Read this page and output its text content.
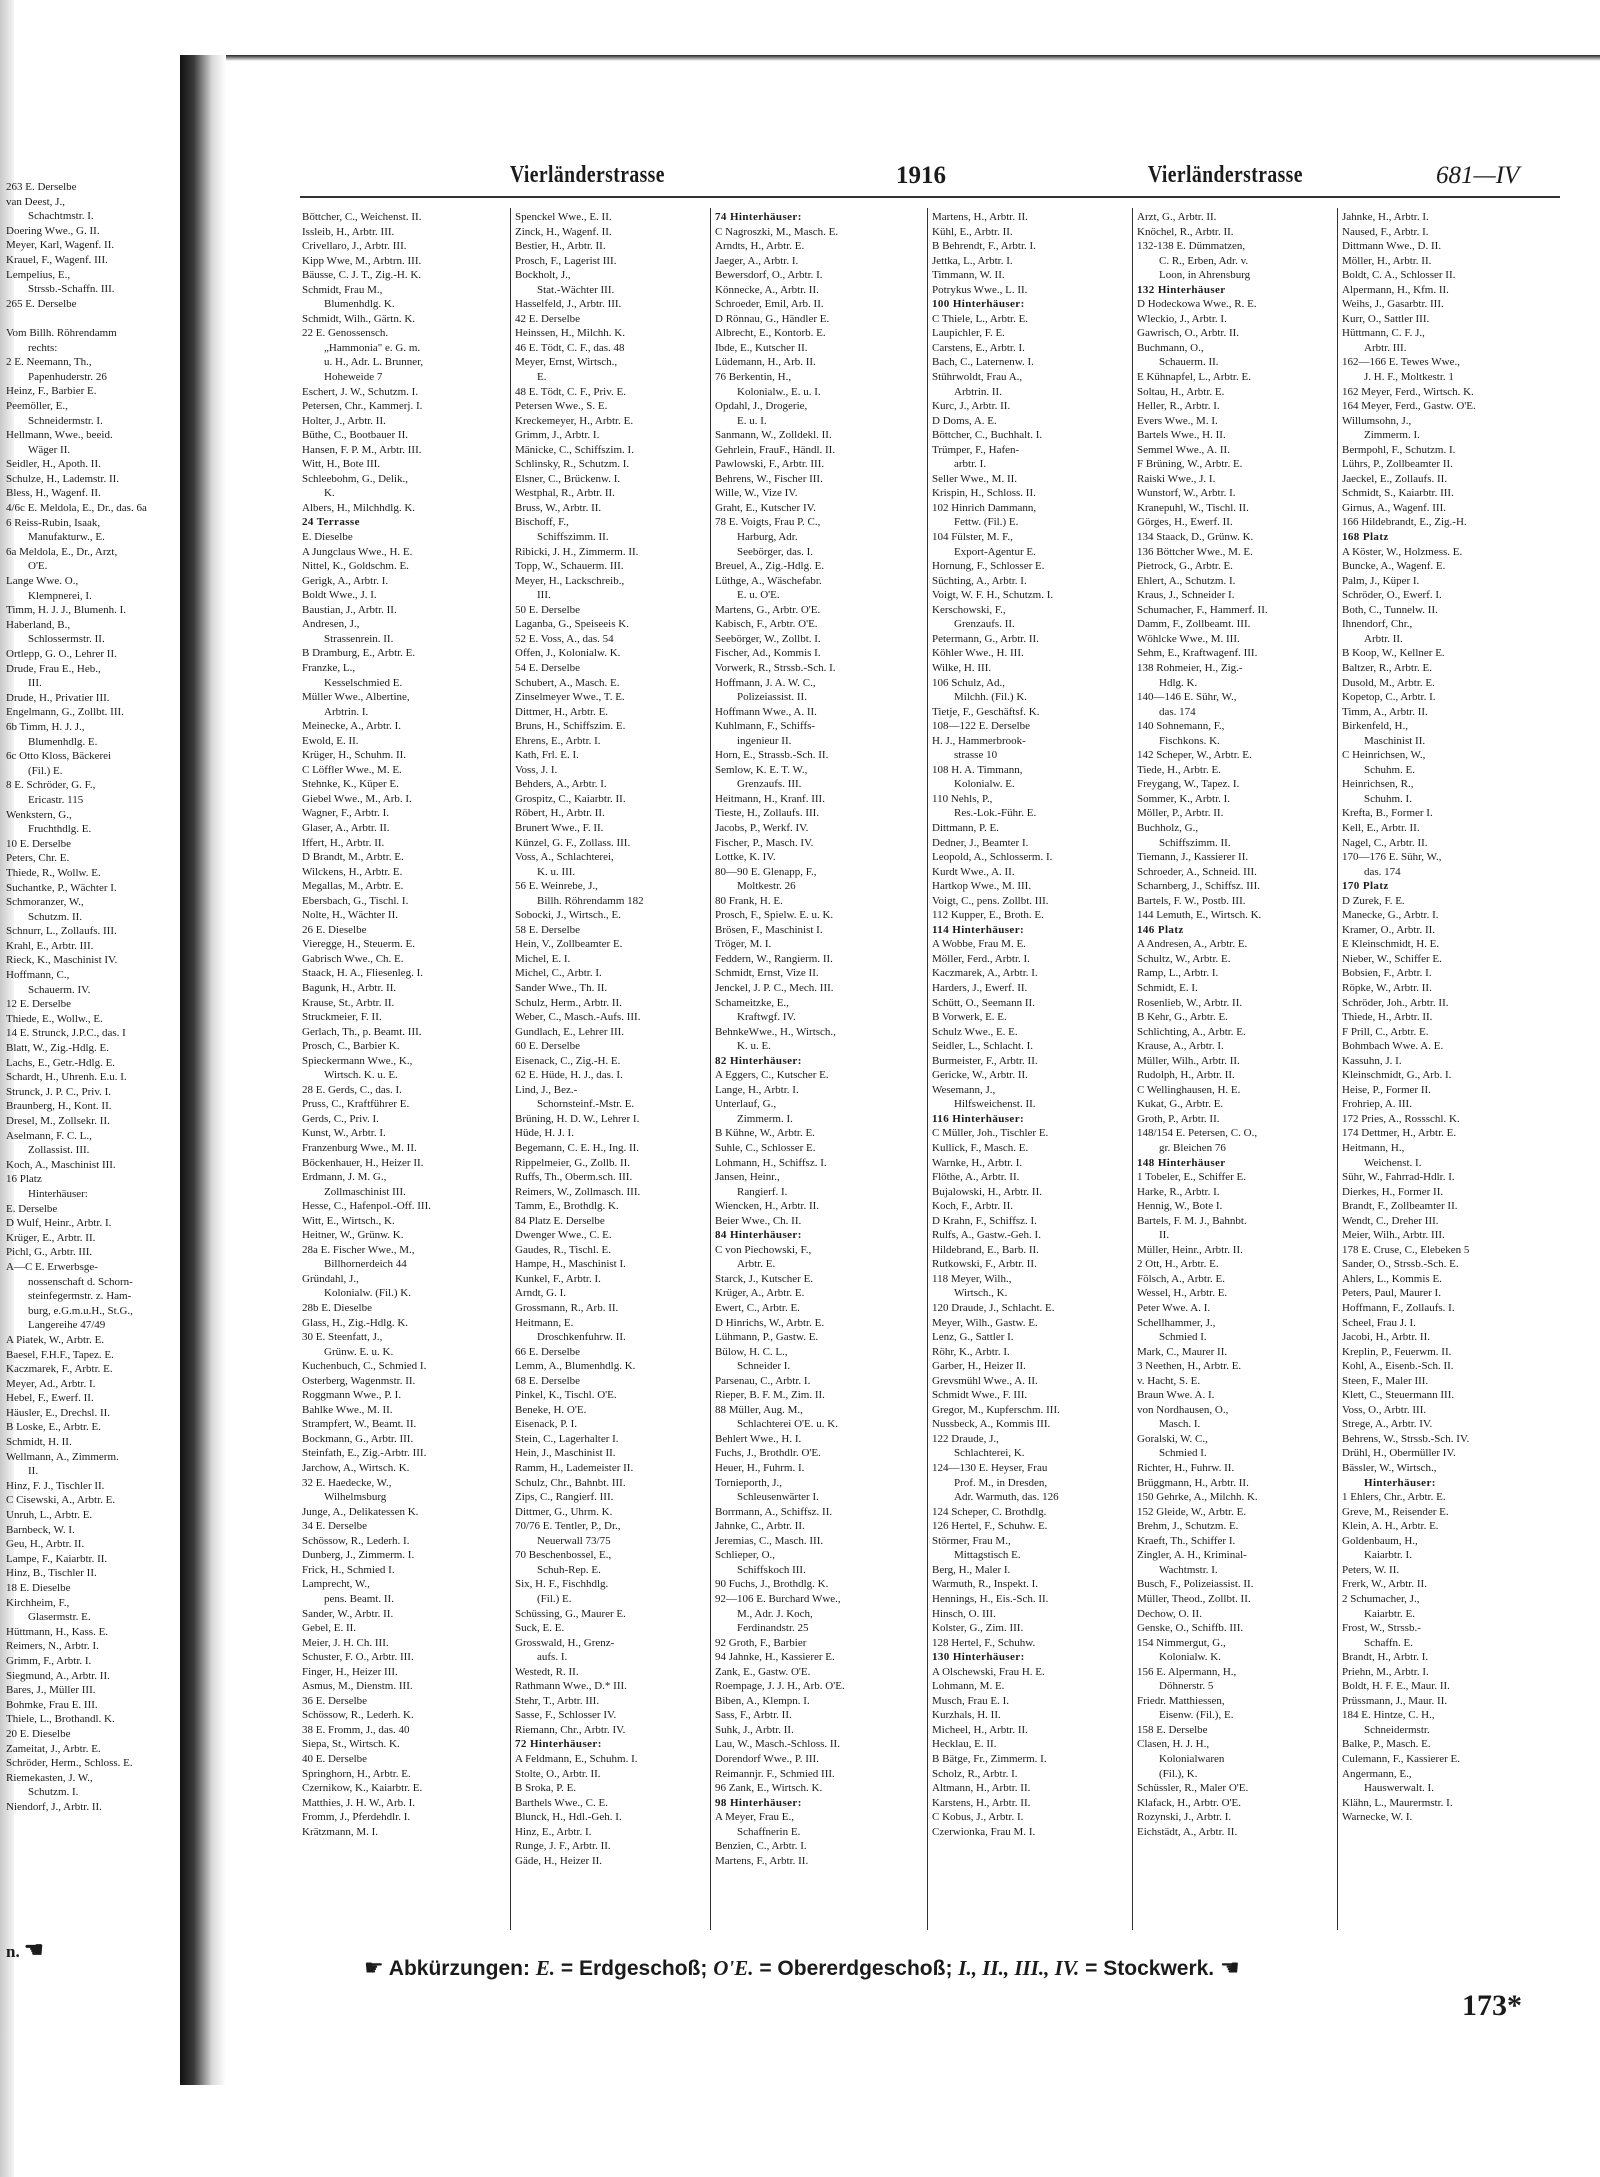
263 E. Derselbe
van Deest, J.,
Schachtmstr. I.
Doering Wwe., G. II.
Meyer, Karl, Wagenf. II.
Krauel, F., Wagenf. III.
Lempelius, E.,
Strssb.-Schaffn. III.
265 E. Derselbe
Vom Billh. Röhrendamm
rechts:
2 E. Neemann, Th.,
Papenhuderstr. 26
Heinz, F., Barbier E.
Peemöller, E.,
Schneidermstr. I.
Hellmann, Wwe., beeid.
Wäger II.
Seidler, H., Apoth. II.
Schulze, H., Lademstr. II.
Bless, H., Wagenf. II.
4/6c E. Meldola, E., Dr., das. 6a
6 Reiss-Rubin, Isaak,
Manufakturw., E.
6a Meldola, E., Dr., Arzt,
O'E.
Lange Wwe. O.,
Klempnerei, I.
Timm, H. J. J., Blumenh. I.
Haberland, B.,
Schlossermstr. II.
Ortlepp, G. O., Lehrer II.
Drude, Frau E., Heb.,
III.
Drude, H., Privatier III.
Engelmann, G., Zollbt. III.
6b Timm, H. J. J.,
Blumenhdlg. E.
6c Otto Kloss, Bäckerei
(Fil.) E.
8 E. Schröder, G. F.,
Ericastr. 115
Wenkstern, G.,
Fruchthdlg. E.
10 E. Derselbe
Peters, Chr. E.
Thiede, R., Wollw. E.
Suchantke, P., Wächter I.
Schmoranzer, W.,
Schutzm. II.
Schnurr, L., Zollaufs. III.
Krahl, E., Arbtr. III.
Rieck, K., Maschinist IV.
Hoffmann, C.,
Schauerm. IV.
12 E. Derselbe
Thiede, E., Wollw., E.
14 E. Strunck, J.P.C., das. I
Blatt, W., Zig.-Hdlg. E.
Lachs, E., Getr.-Hdlg. E.
Schardt, H., Uhrenh. E.u. I.
Strunck, J. P. C., Priv. I.
Braunberg, H., Kont. II.
Dresel, M., Zollsekr. II.
Aselmann, F. C. L.,
Zollassist. III.
Koch, A., Maschinist III.
16 Platz
Hinterhäuser:
E. Derselbe
D Wulf, Heinr., Arbtr. I.
Krüger, E., Arbtr. II.
Pichl, G., Arbtr. III.
A—C E. Erwerbsge-
nossenschaft d. Schorn-
steinfegermstr. z. Ham-
burg, e.G.m.u.H., St.G.,
Langereihe 47/49
A Piatek, W., Arbtr. E.
Baesel, F.H.F., Tapez. E.
Kaczmarek, F., Arbtr. E.
Meyer, Ad., Arbtr. I.
Hebel, F., Ewerf. II.
Häusler, E., Drechsl. II.
B Loske, E., Arbtr. E.
Schmidt, H. II.
Wellmann, A., Zimmerm.
II.
Hinz, F. J., Tischler II.
C Cisewski, A., Arbtr. E.
Unruh, L., Arbtr. E.
Barnbeck, W. I.
Geu, H., Arbtr. II.
Lampe, F., Kaiarbtr. II.
Hinz, B., Tischler II.
18 E. Dieselbe
Kirchheim, F.,
Glasermstr. E.
Hüttmann, H., Kass. E.
Reimers, N., Arbtr. I.
Grimm, F., Arbtr. I.
Siegmund, A., Arbtr. II.
Bares, J., Müller III.
Bohmke, Frau E. III.
Thiele, L., Brothandl. K.
20 E. Dieselbe
Zameitat, J., Arbtr. E.
Schröder, Herm., Schloss. E.
Riemekasten, J. W.,
Schutzm. I.
Niendorf, J., Arbtr. II.
n. ☚
Vierländerstrasse	1916	Vierländerstrasse	681—IV
Böttcher, C., Weichenst. II.
Issleib, H., Arbtr. III.
Crivellaro, J., Arbtr. III.
Kipp Wwe, M., Arbtrn. III.
Bäusse, C. J. T., Zig.-H. K.
Schmidt, Frau M.,
Blumenhdlg. K.
Schmidt, Wilh., Gärtn. K.
22 E. Genossensch.
„Hammonia" e. G. m.
u. H., Adr. L. Brunner,
Hoheweide 7
Eschert, J. W., Schutzm. I.
Petersen, Chr., Kammerj. I.
Holter, J., Arbtr. II.
Büthe, C., Bootbauer II.
Hansen, F. P. M., Arbtr. III.
Witt, H., Bote III.
Schleebohm, G., Delik.,
K.
Albers, H., Milchhdlg. K.
24 Terrasse
E. Dieselbe
A Jungclaus Wwe., H. E.
Nittel, K., Goldschm. E.
Gerigk, A., Arbtr. I.
Boldt Wwe., J. I.
Baustian, J., Arbtr. II.
Andresen, J.,
Strassenrein. II.
B Dramburg, E., Arbtr. E.
Franzke, L.,
Kesselschmied E.
Müller Wwe., Albertine,
Arbtrin. I.
Meinecke, A., Arbtr. I.
Ewold, E. II.
Krüger, H., Schuhm. II.
C Löffler Wwe., M. E.
Stehnke, K., Küper E.
Giebel Wwe., M., Arb. I.
Wagner, F., Arbtr. I.
Glaser, A., Arbtr. II.
Iffert, H., Arbtr. II.
D Brandt, M., Arbtr. E.
Wilckens, H., Arbtr. E.
Megallas, M., Arbtr. E.
Ebersbach, G., Tischl. I.
Nolte, H., Wächter II.
26 E. Dieselbe
Vieregge, H., Steuerm. E.
Gabrisch Wwe., Ch. E.
Staack, H. A., Fliesenleg. I.
Bagunk, H., Arbtr. II.
Krause, St., Arbtr. II.
Struckmeier, F. II.
Gerlach, Th., p. Beamt. III.
Prosch, C., Barbier K.
Spieckermann Wwe., K.,
Wirtsch. K. u. E.
28 E. Gerds, C., das. I.
Pruss, C., Kraftführer E.
Gerds, C., Priv. I.
Kunst, W., Arbtr. I.
Franzenburg Wwe., M. II.
Böckenhauer, H., Heizer II.
Erdmann, J. M. G.,
Zollmaschinist III.
Hesse, C., Hafenpol.-Off. III.
Witt, E., Wirtsch., K.
Heitner, W., Grünw. K.
28a E. Fischer Wwe., M.,
Billhornerdeich 44
Gründahl, J.,
Kolonialw. (Fil.) K.
28b E. Dieselbe
Glass, H., Zig.-Hdlg. K.
30 E. Steenfatt, J.,
Grünw. E. u. K.
Kuchenbuch, C., Schmied I.
Osterberg, Wagenmstr. II.
Roggmann Wwe., P. I.
Bahlke Wwe., M. II.
Strampfert, W., Beamt. II.
Bockmann, G., Arbtr. III.
Steinfath, E., Zig.-Arbtr. III.
Jarchow, A., Wirtsch. K.
32 E. Haedecke, W.,
Wilhelmsburg
Junge, A., Delikatessen K.
34 E. Derselbe
Schössow, R., Lederh. I.
Dunberg, J., Zimmerm. I.
Frick, H., Schmied I.
Lamprecht, W.,
pens. Beamt. II.
Sander, W., Arbtr. II.
Gebel, E. II.
Meier, J. H. Ch. III.
Schuster, F. O., Arbtr. III.
Finger, H., Heizer III.
Asmus, M., Dienstm. III.
36 E. Derselbe
Schössow, R., Lederh. K.
38 E. Fromm, J., das. 40
Siepa, St., Wirtsch. K.
40 E. Derselbe
Springhorn, H., Arbtr. E.
Czernikow, K., Kaiarbtr. E.
Matthies, J. H. W., Arb. I.
Fromm, J., Pferdehdlr. I.
Krätzmann, M. I.
Spenckel Wwe., E. II.
Zinck, H., Wagenf. II.
Bestier, H., Arbtr. II.
Prosch, F., Lagerist III.
Bockholt, J.,
Stat.-Wächter III.
Hasselfeld, J., Arbtr. III.
42 E. Derselbe
Heinssen, H., Milchh. K.
46 E. Tödt, C. F., das. 48
Meyer, Ernst, Wirtsch.,
E.
48 E. Tödt, C. F., Priv. E.
Petersen Wwe., S. E.
Kreckemeyer, H., Arbtr. E.
Grimm, J., Arbtr. I.
Mänicke, C., Schiffszim. I.
Schlinsky, R., Schutzm. I.
Elsner, C., Brückenw. I.
Westphal, R., Arbtr. II.
Bruss, W., Arbtr. II.
Bischoff, F.,
Schiffszimm. II.
Ribicki, J. H., Zimmerm. II.
Topp, W., Schauerm. III.
Meyer, H., Lackschreib.,
III.
50 E. Derselbe
Laganba, G., Speiseeis K.
52 E. Voss, A., das. 54
Offen, J., Kolonialw. K.
54 E. Derselbe
Schubert, A., Masch. E.
Zinselmeyer Wwe., T. E.
Dittmer, H., Arbtr. E.
Bruns, H., Schiffszim. E.
Ehrens, E., Arbtr. I.
Kath, Frl. E. I.
Voss, J. I.
Behders, A., Arbtr. I.
Grospitz, C., Kaiarbtr. II.
Röbert, H., Arbtr. II.
Brunert Wwe., F. II.
Künzel, G. F., Zollass. III.
Voss, A., Schlachterei,
K. u. III.
56 E. Weinrebe, J.,
Billh. Röhrendamm 182
Sobocki, J., Wirtsch., E.
58 E. Derselbe
Hein, V., Zollbeamter E.
Michel, E. I.
Michel, C., Arbtr. I.
Sander Wwe., Th. II.
Schulz, Herm., Arbtr. II.
Weber, C., Masch.-Aufs. III.
Gundlach, E., Lehrer III.
60 E. Derselbe
Eisenack, C., Zig.-H. E.
62 E. Hüde, H. J., das. I.
Lind, J., Bez.-
Schornsteinf.-Mstr. E.
Brüning, H. D. W., Lehrer I.
Hüde, H. J. I.
Begemann, C. E. H., Ing. II.
Rippelmeier, G., Zollb. II.
Ruffs, Th., Oberm.sch. III.
Reimers, W., Zollmasch. III.
Tamm, E., Brothdlg. K.
84 Platz E. Derselbe
Dwenger Wwe., C. E.
Gaudes, R., Tischl. E.
Hampe, H., Maschinist I.
Kunkel, F., Arbtr. I.
Arndt, G. I.
Grossmann, R., Arb. II.
Heitmann, E.
Droschkenfuhrw. II.
66 E. Derselbe
Lemm, A., Blumenhdlg. K.
68 E. Derselbe
Pinkel, K., Tischl. O'E.
Beneke, H. O'E.
Eisenack, P. I.
Stein, C., Lagerhalter I.
Hein, J., Maschinist II.
Ramm, H., Lademeister II.
Schulz, Chr., Bahnbt. III.
Zips, C., Rangierf. III.
Dittmer, G., Uhrm. K.
70/76 E. Tentler, P., Dr.,
Neuerwall 73/75
70 Beschenbossel, E.,
Schuh-Rep. E.
Six, H. F., Fischhdlg.
(Fil.) E.
Schüssing, G., Maurer E.
Suck, E. E.
Grosswald, H., Grenz-
aufs. I.
Westedt, R. II.
Rathmann Wwe., D.* III.
Stehr, T., Arbtr. III.
Sasse, F., Schlosser IV.
Riemann, Chr., Arbtr. IV.
72 Hinterhäuser:
A Feldmann, E., Schuhm. I.
Stolte, O., Arbtr. II.
B Sroka, P. E.
Barthels Wwe., C. E.
Blunck, H., Hdl.-Geh. I.
Hinz, E., Arbtr. I.
Runge, J. F., Arbtr. II.
Gäde, H., Heizer II.
74 Hinterhäuser:
C Nagroszki, M., Masch. E.
Arndts, H., Arbtr. E.
Jaeger, A., Arbtr. I.
Bewersdorf, O., Arbtr. I.
Könnecke, A., Arbtr. II.
Schroeder, Emil, Arb. II.
D Rönnau, G., Händler E.
Albrecht, E., Kontorb. E.
Ibde, E., Kutscher II.
Lüdemann, H., Arb. II.
76 Berkentin, H.,
Kolonialw., E. u. I.
Opdahl, J., Drogerie,
E. u. I.
Sanmann, W., Zolldekl. II.
Gehrlein, FrauF., Händl. II.
Pawlowski, F., Arbtr. III.
Behrens, W., Fischer III.
Wille, W., Vize IV.
Graht, E., Kutscher IV.
78 E. Voigts, Frau P. C.,
Harburg, Adr.
Seebörger, das. I.
Breuel, A., Zig.-Hdlg. E.
Lüthge, A., Wäschefabr.
E. u. O'E.
Martens, G., Arbtr. O'E.
Kabisch, F., Arbtr. O'E.
Seebörger, W., Zollbt. I.
Fischer, Ad., Kommis I.
Vorwerk, R., Strssb.-Sch. I.
Hoffmann, J. A. W. C.,
Polizeiassist. II.
Hoffmann Wwe., A. II.
Kuhlmann, F., Schiffs-
ingenieur II.
Horn, E., Strassb.-Sch. II.
Semlow, K. E. T. W.,
Grenzaufs. III.
Heitmann, H., Kranf. III.
Tieste, H., Zollaufs. III.
Jacobs, P., Werkf. IV.
Fischer, P., Masch. IV.
Lottke, K. IV.
80—90 E. Glenapp, F.,
Moltkestr. 26
80 Frank, H. E.
Prosch, F., Spielw. E. u. K.
Brösen, F., Maschinist I.
Tröger, M. I.
Feddern, W., Rangierm. II.
Schmidt, Ernst, Vize II.
Jenckel, J. P. C., Mech. III.
Schameitzke, E.,
Kraftwgf. IV.
BehnkeWwe., H., Wirtsch.,
K. u. E.
82 Hinterhäuser:
A Eggers, C., Kutscher E.
Lange, H., Arbtr. I.
Unterlauf, G.,
Zimmerm. I.
B Kühne, W., Arbtr. E.
Suhle, C., Schlosser E.
Lohmann, H., Schiffsz. I.
Jansen, Heinr.,
Rangierf. I.
Wiencken, H., Arbtr. II.
Beier Wwe., Ch. II.
84 Hinterhäuser:
C von Piechowski, F.,
Arbtr. E.
Starck, J., Kutscher E.
Krüger, A., Arbtr. E.
Ewert, C., Arbtr. E.
D Hinrichs, W., Arbtr. E.
Lühmann, P., Gastw. E.
Bülow, H. C. L.,
Schneider I.
Parsenau, C., Arbtr. I.
Rieper, B. F. M., Zim. II.
88 Müller, Aug. M.,
Schlachterei O'E. u. K.
Behlert Wwe., H. I.
Fuchs, J., Brothdlr. O'E.
Heuer, H., Fuhrm. I.
Tornieporth, J.,
Schleusenwärter I.
Borrmann, A., Schiffsz. II.
Jahnke, C., Arbtr. II.
Jeremias, C., Masch. III.
Schlieper, O.,
Schiffskoch III.
90 Fuchs, J., Brothdlg. K.
92—106 E. Burchard Wwe.,
M., Adr. J. Koch,
Ferdinandstr. 25
92 Groth, F., Barbier
94 Jahnke, H., Kassierer E.
Zank, E., Gastw. O'E.
Roempage, J. J. H., Arb. O'E.
Biben, A., Klempn. I.
Sass, F., Arbtr. II.
Suhk, J., Arbtr. II.
Lau, W., Masch.-Schloss. II.
Dorendorf Wwe., P. III.
Reimannjr. F., Schmied III.
96 Zank, E., Wirtsch. K.
98 Hinterhäuser:
A Meyer, Frau E.,
Schaffnerin E.
Benzien, C., Arbtr. I.
Martens, F., Arbtr. II.
Martens, H., Arbtr. II.
Kühl, E., Arbtr. II.
B Behrendt, F., Arbtr. I.
Jettka, L., Arbtr. I.
Timmann, W. II.
Potrykus Wwe., L. II.
100 Hinterhäuser:
C Thiele, L., Arbtr. E.
Laupichler, F. E.
Carstens, E., Arbtr. I.
Bach, C., Laternenw. I.
Stührwoldt, Frau A.,
Arbtrin. II.
Kurc, J., Arbtr. II.
D Doms, A. E.
Böttcher, C., Buchhalt. I.
Trümper, F., Hafen-
arbtr. I.
Seller Wwe., M. II.
Krispin, H., Schloss. II.
102 Hinrich Dammann,
Fettw. (Fil.) E.
104 Fülster, M. F.,
Export-Agentur E.
Hornung, F., Schlosser E.
Süchting, A., Arbtr. I.
Voigt, W. F. H., Schutzm. I.
Kerschowski, F.,
Grenzaufs. II.
Petermann, G., Arbtr. II.
Köhler Wwe., H. III.
Wilke, H. III.
106 Schulz, Ad.,
Milchh. (Fil.) K.
Tietje, F., Geschäftsf. K.
108—122 E. Derselbe
H. J., Hammerbrook-
strasse 10
108 H. A. Timmann,
Kolonialw. E.
110 Nehls, P.,
Res.-Lok.-Führ. E.
Dittmann, P. E.
Dedner, J., Beamter I.
Leopold, A., Schlosserm. I.
Kurdt Wwe., A. II.
Hartkop Wwe., M. III.
Voigt, C., pens. Zollbt. III.
112 Kupper, E., Broth. E.
114 Hinterhäuser:
A Wobbe, Frau M. E.
Möller, Ferd., Arbtr. I.
Kaczmarek, A., Arbtr. I.
Harders, J., Ewerf. II.
Schütt, O., Seemann II.
B Vorwerk, E. E.
Schulz Wwe., E. E.
Seidler, L., Schlacht. I.
Burmeister, F., Arbtr. II.
Gericke, W., Arbtr. II.
Wesemann, J.,
Hilfsweichenst. II.
116 Hinterhäuser:
C Müller, Joh., Tischler E.
Kullick, F., Masch. E.
Warnke, H., Arbtr. I.
Flöthe, A., Arbtr. II.
Bujalowski, H., Arbtr. II.
Koch, F., Arbtr. II.
D Krahn, F., Schiffsz. I.
Rulfs, A., Gastw.-Geh. I.
Hildebrand, E., Barb. II.
Rutkowski, F., Arbtr. II.
118 Meyer, Wilh.,
Wirtsch., K.
120 Draude, J., Schlacht. E.
Meyer, Wilh., Gastw. E.
Lenz, G., Sattler I.
Röhr, K., Arbtr. I.
Garber, H., Heizer II.
Grevsmühl Wwe., A. II.
Schmidt Wwe., F. III.
Gregor, M., Kupferschm. III.
Nussbeck, A., Kommis III.
122 Draude, J.,
Schlachterei, K.
124—130 E. Heyser, Frau
Prof. M., in Dresden,
Adr. Warmuth, das. 126
124 Scheper, C. Brothdlg.
126 Hertel, F., Schuhw. E.
Störmer, Frau M.,
Mittagstisch E.
Berg, H., Maler I.
Warmuth, R., Inspekt. I.
Hennings, H., Eis.-Sch. II.
Hinsch, O. III.
Kolster, G., Zim. III.
128 Hertel, F., Schuhw.
130 Hinterhäuser:
A Olschewski, Frau H. E.
Lohmann, M. E.
Musch, Frau E. I.
Kurzhals, H. II.
Micheel, H., Arbtr. II.
Hecklau, E. II.
B Bätge, Fr., Zimmerm. I.
Scholz, R., Arbtr. I.
Altmann, H., Arbtr. II.
Karstens, H., Arbtr. II.
C Kobus, J., Arbtr. I.
Czerwionka, Frau M. I.
Arzt, G., Arbtr. II.
Knöchel, R., Arbtr. II.
132-138 E. Dümmatzen,
C. R., Erben, Adr. v.
Loon, in Ahrensburg
132 Hinterhäuser
D Hodeckowa Wwe., R. E.
Wleckio, J., Arbtr. I.
Gawrisch, O., Arbtr. II.
Buchmann, O.,
Schauerm. II.
E Kühnapfel, L., Arbtr. E.
Soltau, H., Arbtr. E.
Heller, R., Arbtr. I.
Evers Wwe., M. I.
Bartels Wwe., H. II.
Semmel Wwe., A. II.
F Brüning, W., Arbtr. E.
Raiski Wwe., J. I.
Wunstorf, W., Arbtr. I.
Kranepuhl, W., Tischl. II.
Görges, H., Ewerf. II.
134 Staack, D., Grünw. K.
136 Böttcher Wwe., M. E.
Pietrock, G., Arbtr. E.
Ehlert, A., Schutzm. I.
Kraus, J., Schneider I.
Schumacher, F., Hammerf. II.
Damm, F., Zollbeamt. III.
Wöhlcke Wwe., M. III.
Sehm, E., Kraftwagenf. III.
138 Rohmeier, H., Zig.-
Hdlg. K.
140—146 E. Sühr, W.,
das. 174
140 Sohnemann, F.,
Fischkons. K.
142 Scheper, W., Arbtr. E.
Tiede, H., Arbtr. E.
Freygang, W., Tapez. I.
Sommer, K., Arbtr. I.
Möller, P., Arbtr. II.
Buchholz, G.,
Schiffszimm. II.
Tiemann, J., Kassierer II.
Schroeder, A., Schneid. III.
Scharnberg, J., Schiffsz. III.
Bartels, F. W., Postb. III.
144 Lemuth, E., Wirtsch. K.
146 Platz
A Andresen, A., Arbtr. E.
Schultz, W., Arbtr. E.
Ramp, L., Arbtr. I.
Schmidt, E. I.
Rosenlieb, W., Arbtr. II.
B Kehr, G., Arbtr. E.
Schlichting, A., Arbtr. E.
Krause, A., Arbtr. I.
Müller, Wilh., Arbtr. II.
Rudolph, H., Arbtr. II.
C Wellinghausen, H. E.
Kukat, G., Arbtr. E.
Groth, P., Arbtr. II.
148/154 E. Petersen, C. O.,
gr. Bleichen 76
148 Hinterhäuser
1 Tobeler, E., Schiffer E.
Harke, R., Arbtr. I.
Hennig, W., Bote I.
Bartels, F. M. J., Bahnbt.
II.
Müller, Heinr., Arbtr. II.
2 Ott, H., Arbtr. E.
Fölsch, A., Arbtr. E.
Wessel, H., Arbtr. E.
Peter Wwe. A. I.
Schellhammer, J.,
Schmied I.
Mark, C., Maurer II.
3 Neethen, H., Arbtr. E.
v. Hacht, S. E.
Braun Wwe. A. I.
von Nordhausen, O.,
Masch. I.
Goralski, W. C.,
Schmied I.
Richter, H., Fuhrw. II.
Brüggmann, H., Arbtr. II.
150 Gehrke, A., Milchh. K.
152 Gleide, W., Arbtr. E.
Brehm, J., Schutzm. E.
Kraeft, Th., Schiffer I.
Zingler, A. H., Kriminal-
Wachtmstr. I.
Busch, F., Polizeiassist. II.
Müller, Theod., Zollbt. II.
Dechow, O. II.
Genske, O., Schiffb. III.
154 Nimmergut, G.,
Kolonialw. K.
156 E. Alpermann, H.,
Döhnerstr. 5
Friedr. Matthiessen,
Eisenw. (Fil.), E.
158 E. Derselbe
Clasen, H. J. H.,
Kolonialwaren
(Fil.), K.
Schüssler, R., Maler O'E.
Klafack, H., Arbtr. O'E.
Rozynski, J., Arbtr. I.
Eichstädt, A., Arbtr. II.
Jahnke, H., Arbtr. I.
Naused, F., Arbtr. I.
Dittmann Wwe., D. II.
Möller, H., Arbtr. II.
Boldt, C. A., Schlosser II.
Alpermann, H., Kfm. II.
Weihs, J., Gasarbtr. III.
Kurr, O., Sattler III.
Hüttmann, C. F. J.,
Arbtr. III.
162—166 E. Tewes Wwe.,
J. H. F., Moltkestr. 1
162 Meyer, Ferd., Wirtsch. K.
164 Meyer, Ferd., Gastw. O'E.
Willumsohn, J.,
Zimmerm. I.
Bermpohl, F., Schutzm. I.
Lührs, P., Zollbeamter II.
Jaeckel, E., Zollaufs. II.
Schmidt, S., Kaiarbtr. III.
Girnus, A., Wagenf. III.
166 Hildebrandt, E., Zig.-H.
168 Platz
A Köster, W., Holzmess. E.
Buncke, A., Wagenf. E.
Palm, J., Küper I.
Schröder, O., Ewerf. I.
Both, C., Tunnelw. II.
Ihnendorf, Chr.,
Arbtr. II.
B Koop, W., Kellner E.
Baltzer, R., Arbtr. E.
Dusold, M., Arbtr. E.
Kopetop, C., Arbtr. I.
Timm, A., Arbtr. II.
Birkenfeld, H.,
Maschinist II.
C Heinrichsen, W.,
Schuhm. E.
Heinrichsen, R.,
Schuhm. I.
Krefta, B., Former I.
Kell, E., Arbtr. II.
Nagel, C., Arbtr. II.
170—176 E. Sühr, W.,
das. 174
170 Platz
D Zurek, F. E.
Manecke, G., Arbtr. I.
Kramer, O., Arbtr. II.
E Kleinschmidt, H. E.
Nieber, W., Schiffer E.
Bobsien, F., Arbtr. I.
Röpke, W., Arbtr. II.
Schröder, Joh., Arbtr. II.
Thiede, H., Arbtr. II.
F Prill, C., Arbtr. E.
Bohmbach Wwe. A. E.
Kassuhn, J. I.
Kleinschmidt, G., Arb. I.
Heise, P., Former II.
Frohriep, A. III.
172 Pries, A., Rossschl. K.
174 Dettmer, H., Arbtr. E.
Heitmann, H.,
Weichenst. I.
Sühr, W., Fahrrad-Hdlr. I.
Dierkes, H., Former II.
Brandt, F., Zollbeamter II.
Wendt, C., Dreher III.
Meier, Wilh., Arbtr. III.
178 E. Cruse, C., Elebeken 5
Sander, O., Strssb.-Sch. E.
Ahlers, L., Kommis E.
Peters, Paul, Maurer I.
Hoffmann, F., Zollaufs. I.
Scheel, Frau J. I.
Jacobi, H., Arbtr. II.
Kreplin, P., Feuerwm. II.
Kohl, A., Eisenb.-Sch. II.
Steen, F., Maler III.
Klett, C., Steuermann III.
Voss, O., Arbtr. III.
Strege, A., Arbtr. IV.
Behrens, W., Strssb.-Sch. IV.
Drühl, H., Obermüller IV.
Bässler, W., Wirtsch.,
Hinterhäuser:
1 Ehlers, Chr., Arbtr. E.
Greve, M., Reisender E.
Klein, A. H., Arbtr. E.
Goldenbaum, H.,
Kaiarbtr. I.
Peters, W. II.
Frerk, W., Arbtr. II.
2 Schumacher, J.,
Kaiarbtr. E.
Frost, W., Strssb.-
Schaffn. E.
Brandt, H., Arbtr. I.
Priehn, M., Arbtr. I.
Boldt, H. F. E., Maur. II.
Prüssmann, J., Maur. II.
184 E. Hintze, C. H.,
Schneidermstr.
Balke, P., Masch. E.
Culemann, F., Kassierer E.
Angermann, E.,
Hauswerwalt. I.
Klähn, L., Maurermstr. I.
Warnecke, W. I.
☛ Abkürzungen: E. = Erdgeschoß; O'E. = Obererdgeschoß; I., II., III., IV. = Stockwerk. ☚
173*
